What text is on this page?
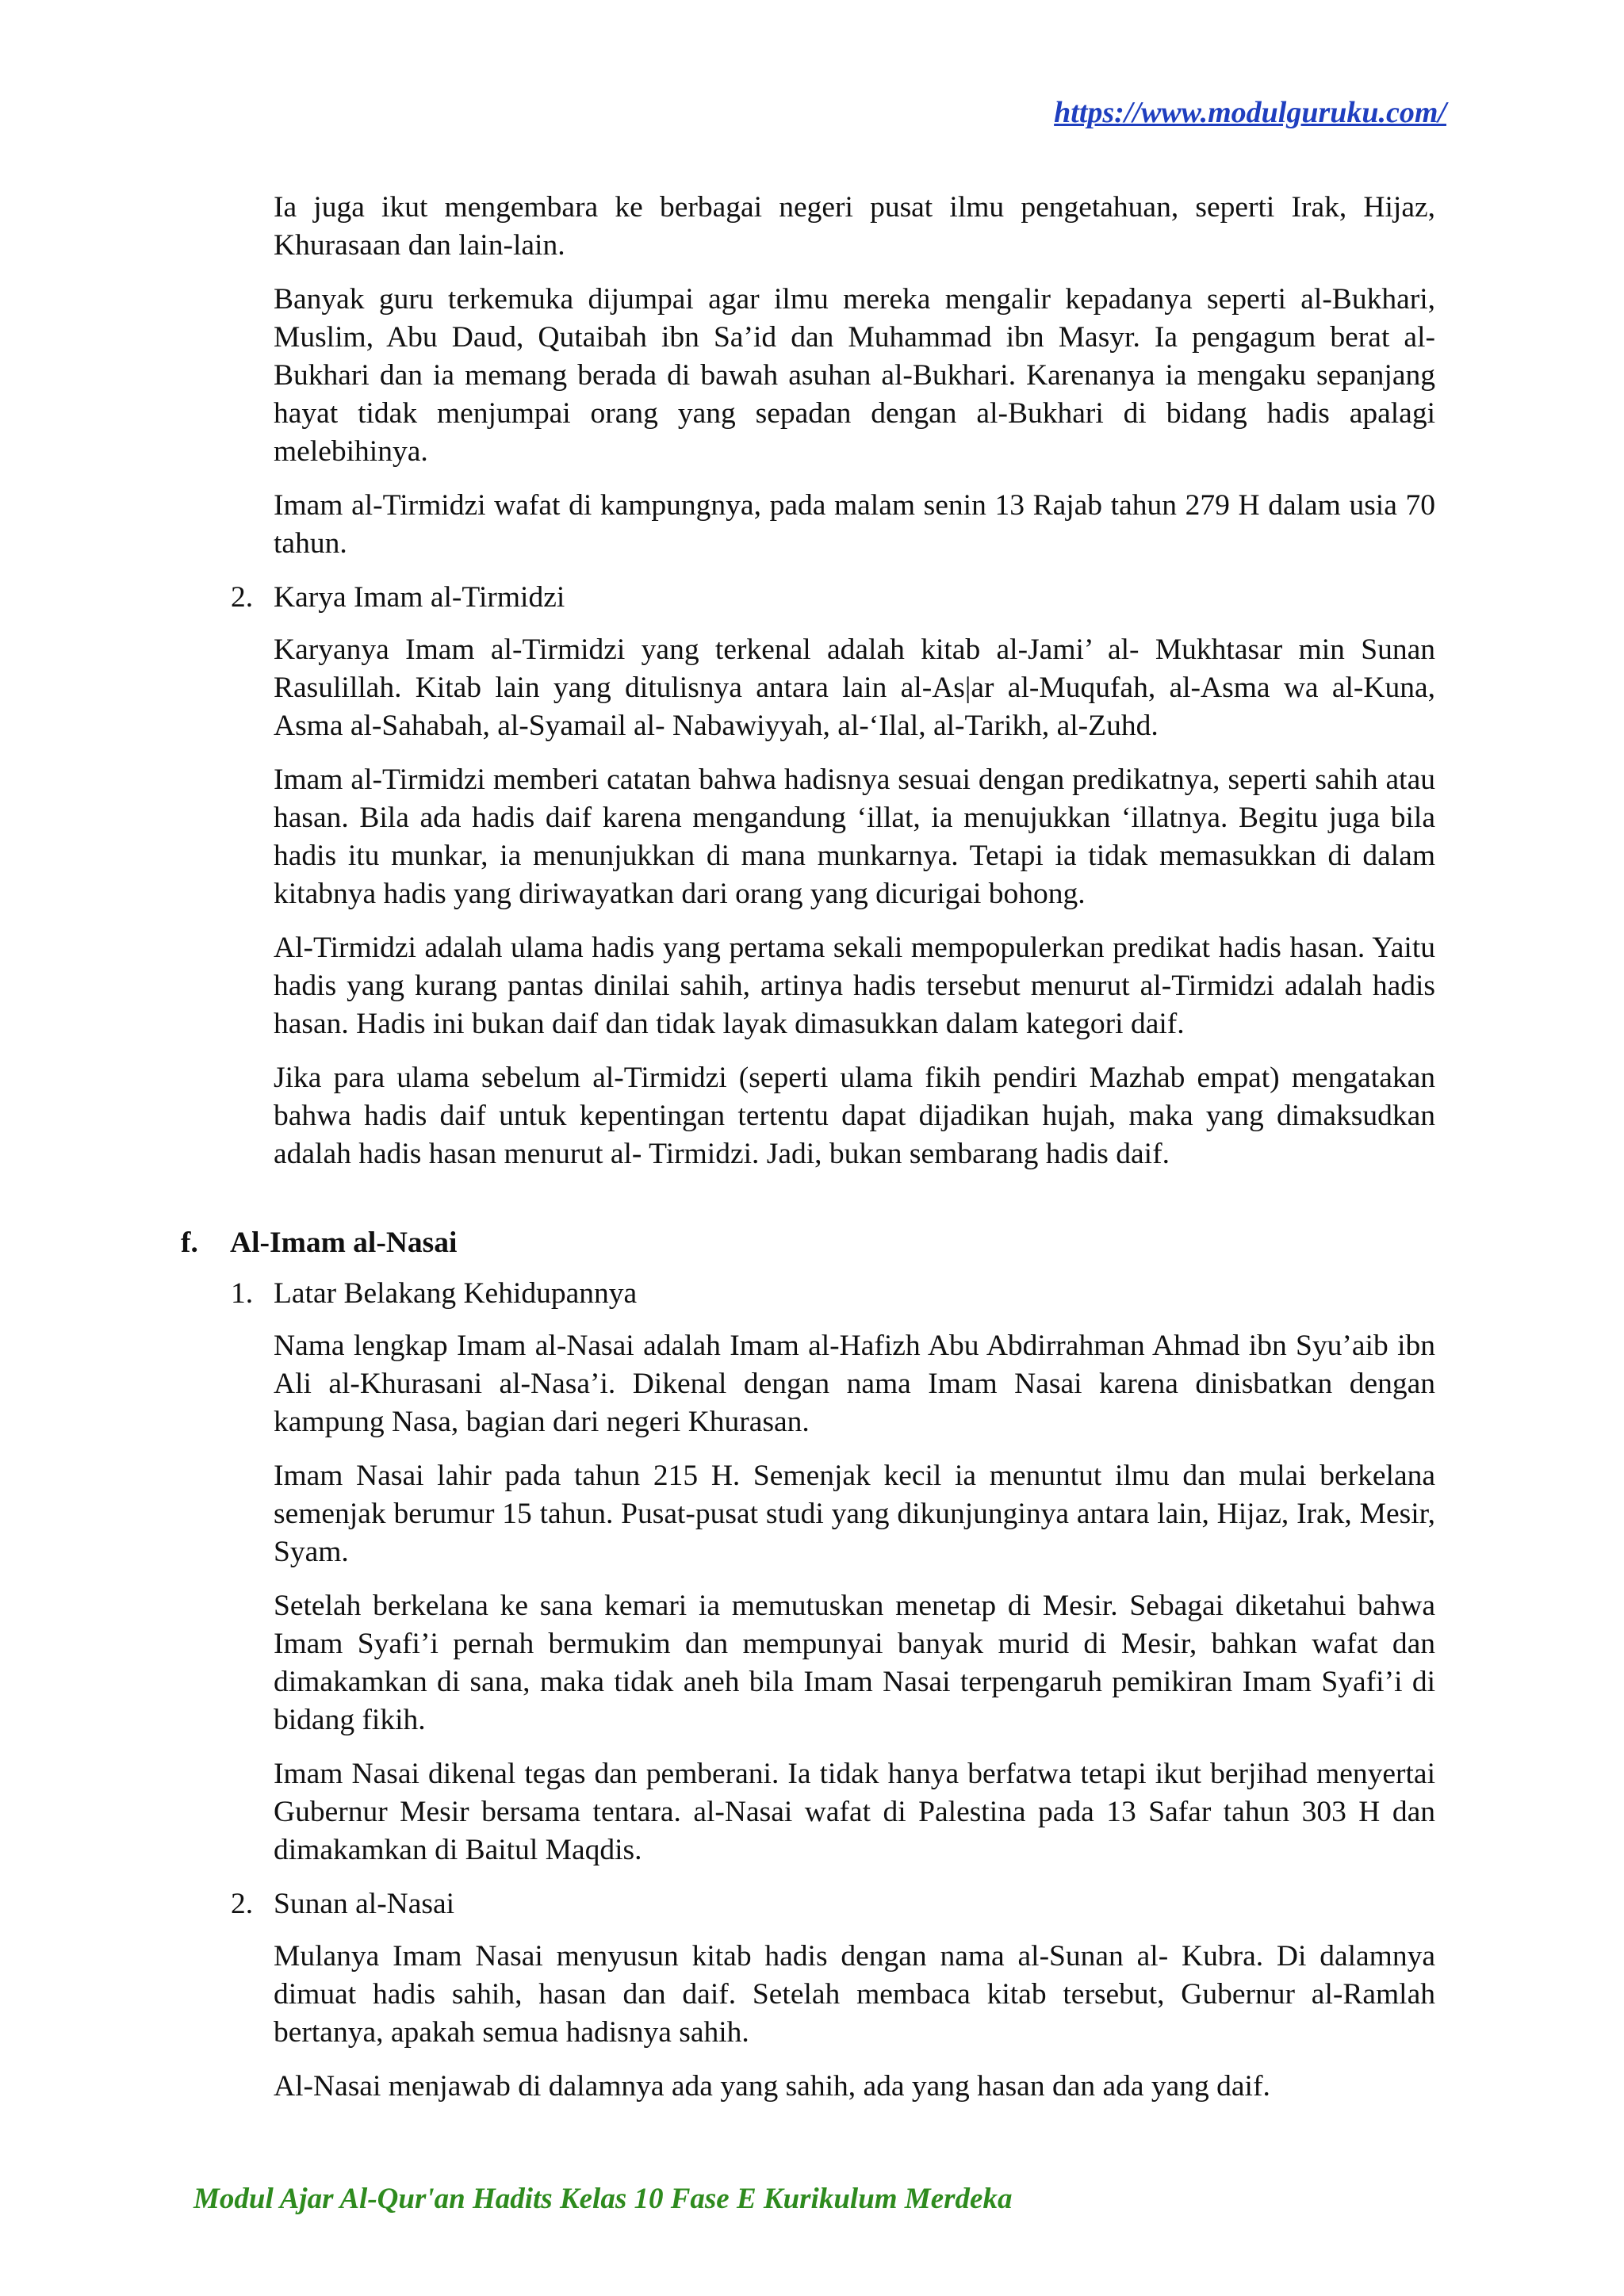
https://www.modulguruku.com/

Ia juga ikut mengembara ke berbagai negeri pusat ilmu pengetahuan, seperti Irak, Hijaz, Khurasaan dan lain-lain.

Banyak guru terkemuka dijumpai agar ilmu mereka mengalir kepadanya seperti al-Bukhari, Muslim, Abu Daud, Qutaibah ibn Sa’id dan Muhammad ibn Masyr. Ia pengagum berat al-Bukhari dan ia memang berada di bawah asuhan al-Bukhari. Karenanya ia mengaku sepanjang hayat tidak menjumpai orang yang sepadan dengan al-Bukhari di bidang hadis apalagi melebihinya.

Imam al-Tirmidzi wafat di kampungnya, pada malam senin 13 Rajab tahun 279 H dalam usia 70 tahun.

2. Karya Imam al-Tirmidzi

Karyanya Imam al-Tirmidzi yang terkenal adalah kitab al-Jami’ al- Mukhtasar min Sunan Rasulillah. Kitab lain yang ditulisnya antara lain al-As|ar al-Muqufah, al-Asma wa al-Kuna, Asma al-Sahabah, al-Syamail al- Nabawiyyah, al-‘Ilal, al-Tarikh, al-Zuhd.

Imam al-Tirmidzi memberi catatan bahwa hadisnya sesuai dengan predikatnya, seperti sahih atau hasan. Bila ada hadis daif karena mengandung ‘illat, ia menujukkan ‘illatnya. Begitu juga bila hadis itu munkar, ia menunjukkan di mana munkarnya. Tetapi ia tidak memasukkan di dalam kitabnya hadis yang diriwayatkan dari orang yang dicurigai bohong.

Al-Tirmidzi adalah ulama hadis yang pertama sekali mempopulerkan predikat hadis hasan. Yaitu hadis yang kurang pantas dinilai sahih, artinya hadis tersebut menurut al-Tirmidzi adalah hadis hasan. Hadis ini bukan daif dan tidak layak dimasukkan dalam kategori daif.

Jika para ulama sebelum al-Tirmidzi (seperti ulama fikih pendiri Mazhab empat) mengatakan bahwa hadis daif untuk kepentingan tertentu dapat dijadikan hujah, maka yang dimaksudkan adalah hadis hasan menurut al- Tirmidzi. Jadi, bukan sembarang hadis daif.

f. Al-Imam al-Nasai
1. Latar Belakang Kehidupannya

Nama lengkap Imam al-Nasai adalah Imam al-Hafizh Abu Abdirrahman Ahmad ibn Syu’aib ibn Ali al-Khurasani al-Nasa’i. Dikenal dengan nama Imam Nasai karena dinisbatkan dengan kampung Nasa, bagian dari negeri Khurasan.

Imam Nasai lahir pada tahun 215 H. Semenjak kecil ia menuntut ilmu dan mulai berkelana semenjak berumur 15 tahun. Pusat-pusat studi yang dikunjunginya antara lain, Hijaz, Irak, Mesir, Syam.

Setelah berkelana ke sana kemari ia memutuskan menetap di Mesir. Sebagai diketahui bahwa Imam Syafi’i pernah bermukim dan mempunyai banyak murid di Mesir, bahkan wafat dan dimakamkan di sana, maka tidak aneh bila Imam Nasai terpengaruh pemikiran Imam Syafi’i di bidang fikih.

Imam Nasai dikenal tegas dan pemberani. Ia tidak hanya berfatwa tetapi ikut berjihad menyertai Gubernur Mesir bersama tentara. al-Nasai wafat di Palestina pada 13 Safar tahun 303 H dan dimakamkan di Baitul Maqdis.

2. Sunan al-Nasai

Mulanya Imam Nasai menyusun kitab hadis dengan nama al-Sunan al- Kubra. Di dalamnya dimuat hadis sahih, hasan dan daif. Setelah membaca kitab tersebut, Gubernur al-Ramlah bertanya, apakah semua hadisnya sahih.

Al-Nasai menjawab di dalamnya ada yang sahih, ada yang hasan dan ada yang daif.

Modul Ajar Al-Qur'an Hadits Kelas 10 Fase E Kurikulum Merdeka
